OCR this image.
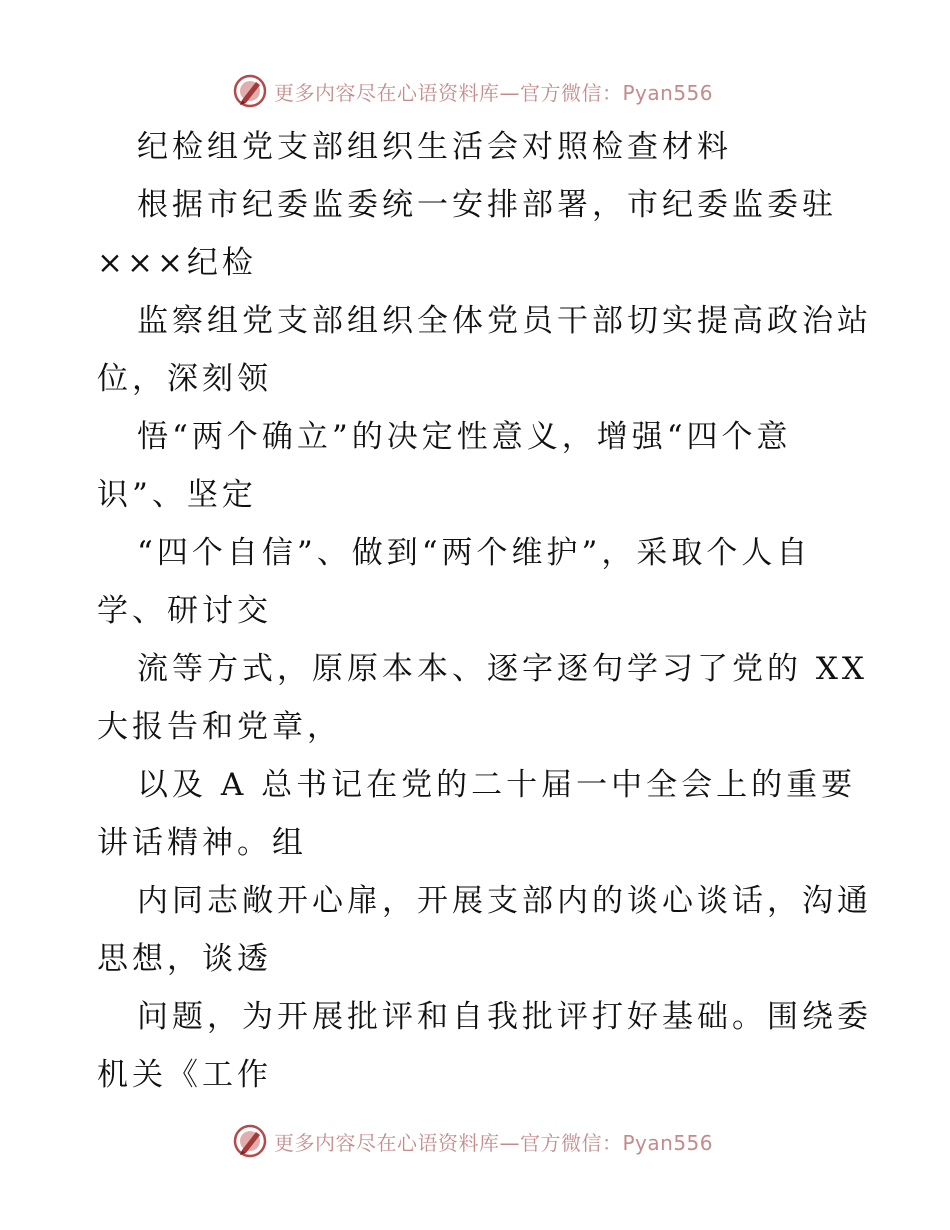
更多内容尽在心语资料库—官方微信：Pyan556
纪检组党支部组织生活会对照检查材料
根据市纪委监委统一安排部署，市纪委监委驻
×××纪检
监察组党支部组织全体党员干部切实提高政治站
位，深刻领
悟“两个确立”的决定性意义，增强“四个意
识”、坚定
“四个自信”、做到“两个维护”，采取个人自
学、研讨交
流等方式，原原本本、逐字逐句学习了党的 XX
大报告和党章，
以及 A 总书记在党的二十届一中全会上的重要
讲话精神。组
内同志敞开心扉，开展支部内的谈心谈话，沟通
思想，谈透
问题，为开展批评和自我批评打好基础。围绕委
机关《工作
更多内容尽在心语资料库—官方微信：Pyan556
